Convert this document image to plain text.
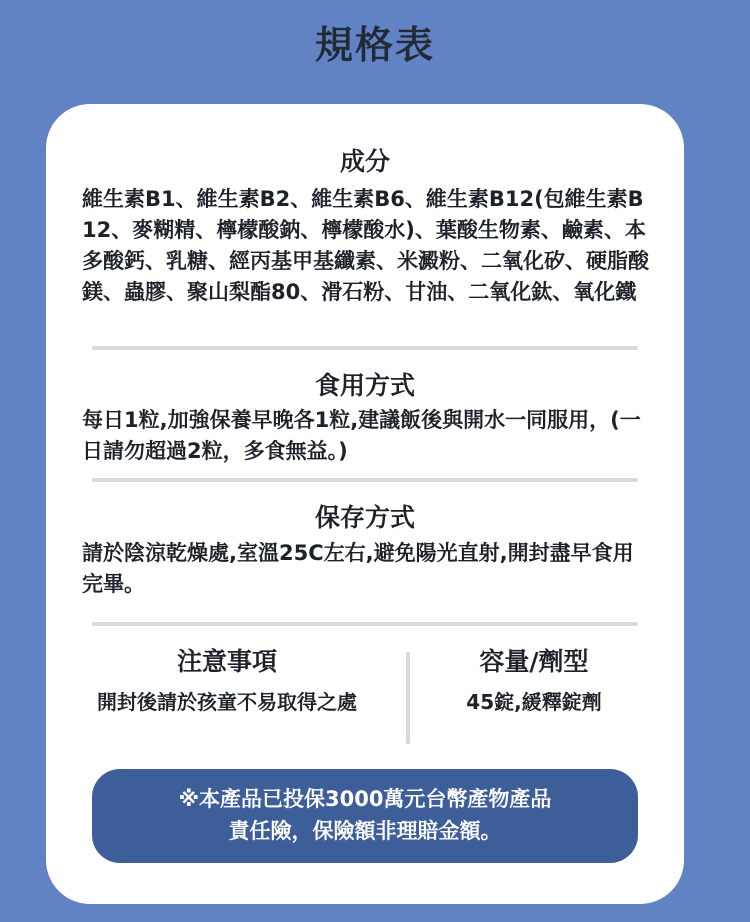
規格表
成分
維生素B1、維生素B2、維生素B6、維生素B12(包維生素B12、麥糊精、檸檬酸鈉、檸檬酸水)、葉酸生物素、鹼素、本多酸鈣、乳糖、經丙基甲基纖素、米澱粉、二氧化矽、硬脂酸鎂、蟲膠、聚山梨酯80、滑石粉、甘油、二氧化鈦、氧化鐵
食用方式
每日1粒,加強保養早晚各1粒,建議飯後與開水一同服用，(一日請勿超過2粒，多食無益。)
保存方式
請於陰涼乾燥處,室溫25C左右,避免陽光直射,開封盡早食用完畢。
注意事項
開封後請於孩童不易取得之處
容量/劑型
45錠,緩釋錠劑
※本產品已投保3000萬元台幣產物產品
責任險，保險額非理賠金額。
